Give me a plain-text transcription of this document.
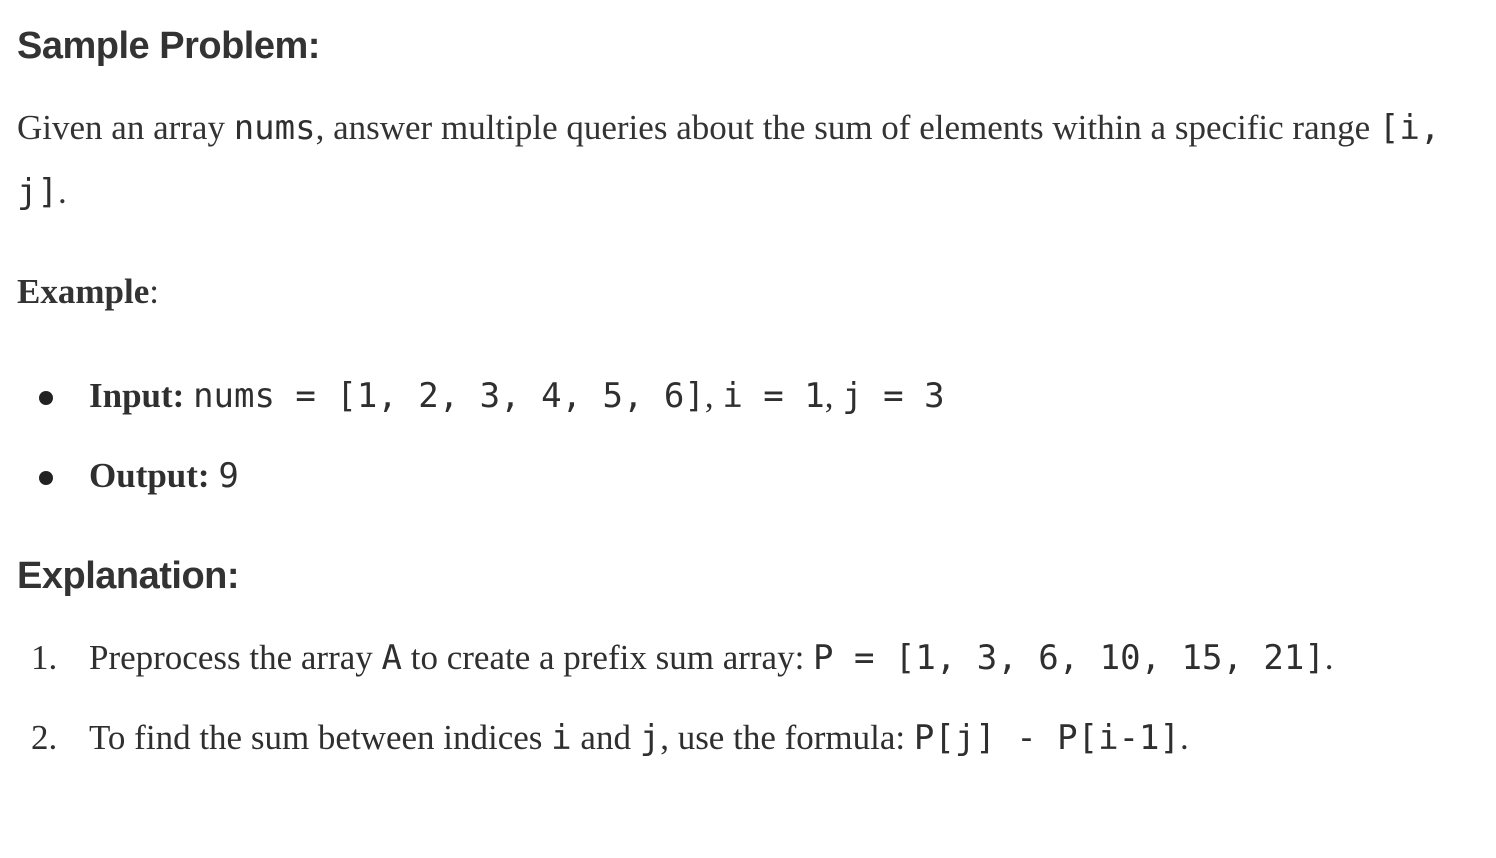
Sample Problem:

Given an array nums, answer multiple queries about the sum of elements within a specific range [i, j].

Example:

Input: nums = [1, 2, 3, 4, 5, 6], i = 1, j = 3
Output: 9
Explanation:
1. Preprocess the array A to create a prefix sum array: P = [1, 3, 6, 10, 15, 21].
2. To find the sum between indices i and j, use the formula: P[j] - P[i-1].
